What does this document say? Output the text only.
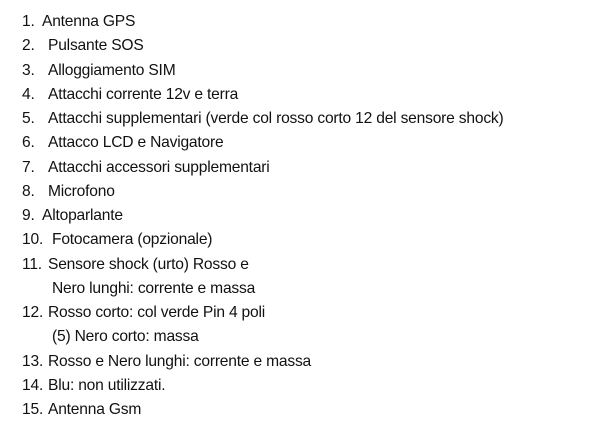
1. Antenna GPS
2. Pulsante SOS
3. Alloggiamento SIM
4. Attacchi corrente 12v e terra
5. Attacchi supplementari (verde col rosso corto 12 del sensore shock)
6. Attacco LCD e Navigatore
7. Attacchi accessori supplementari
8. Microfono
9. Altoparlante
10. Fotocamera (opzionale)
11. Sensore shock (urto) Rosso e
Nero lunghi: corrente e massa
12. Rosso corto: col verde Pin 4 poli
(5) Nero corto: massa
13. Rosso e Nero lunghi: corrente e massa
14. Blu: non utilizzati.
15. Antenna Gsm
